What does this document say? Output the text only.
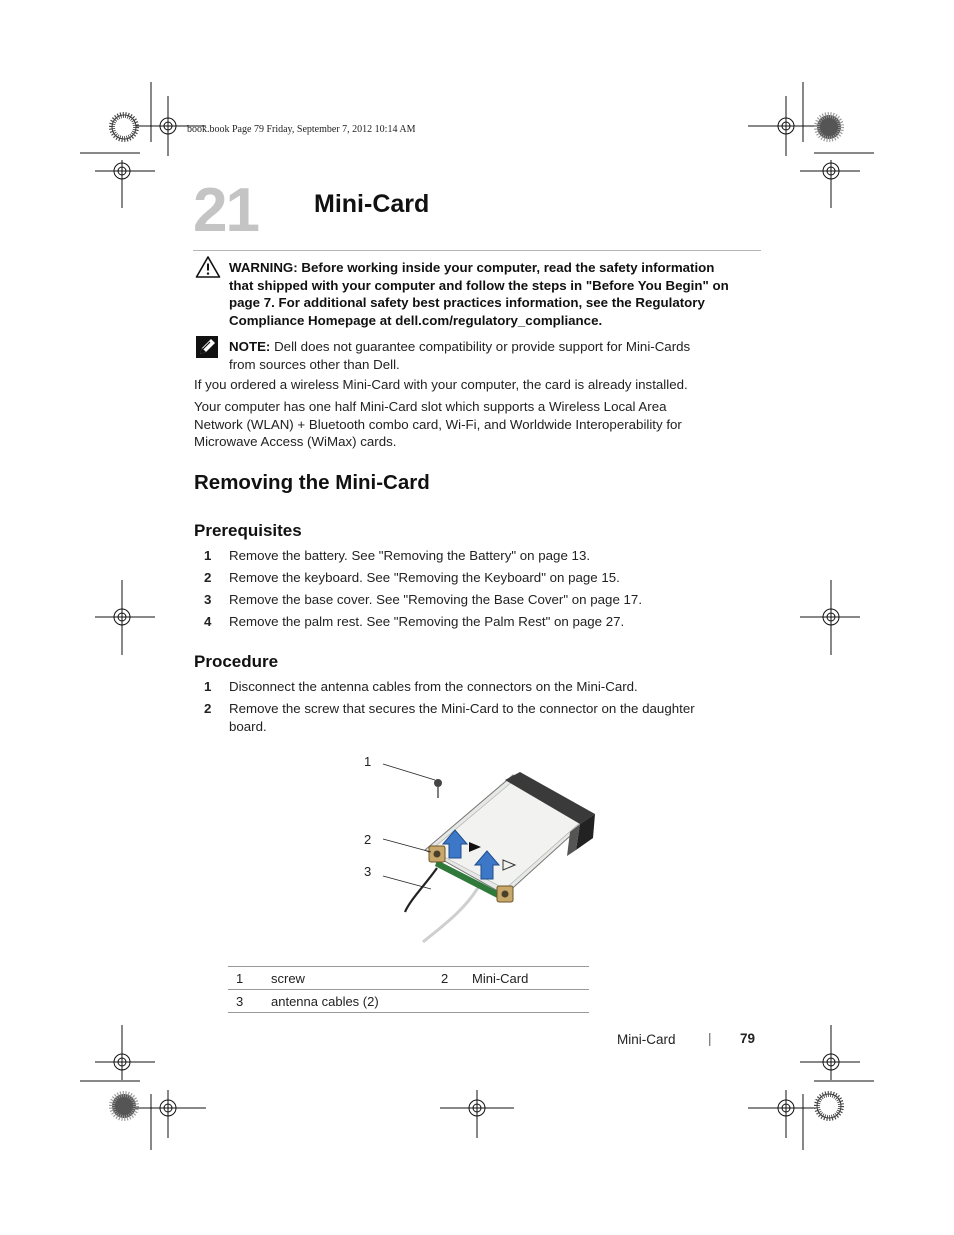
book.book Page 79 Friday, September 7, 2012 10:14 AM
21 Mini-Card
WARNING: Before working inside your computer, read the safety information
that shipped with your computer and follow the steps in "Before You Begin" on
page 7. For additional safety best practices information, see the Regulatory
Compliance Homepage at dell.com/regulatory_compliance.
NOTE: Dell does not guarantee compatibility or provide support for Mini-Cards
from sources other than Dell.
If you ordered a wireless Mini-Card with your computer, the card is already installed.
Your computer has one half Mini-Card slot which supports a Wireless Local Area
Network (WLAN) + Bluetooth combo card, Wi-Fi, and Worldwide Interoperability for
Microwave Access (WiMax) cards.
Removing the Mini-Card
Prerequisites
1 Remove the battery. See "Removing the Battery" on page 13.
2 Remove the keyboard. See "Removing the Keyboard" on page 15.
3 Remove the base cover. See "Removing the Base Cover" on page 17.
4 Remove the palm rest. See "Removing the Palm Rest" on page 27.
Procedure
1 Disconnect the antenna cables from the connectors on the Mini-Card.
2 Remove the screw that secures the Mini-Card to the connector on the daughter
board.
1
2
3
1	screw	2	Mini-Card
3	antenna cables (2)		
Mini-Card | 79
